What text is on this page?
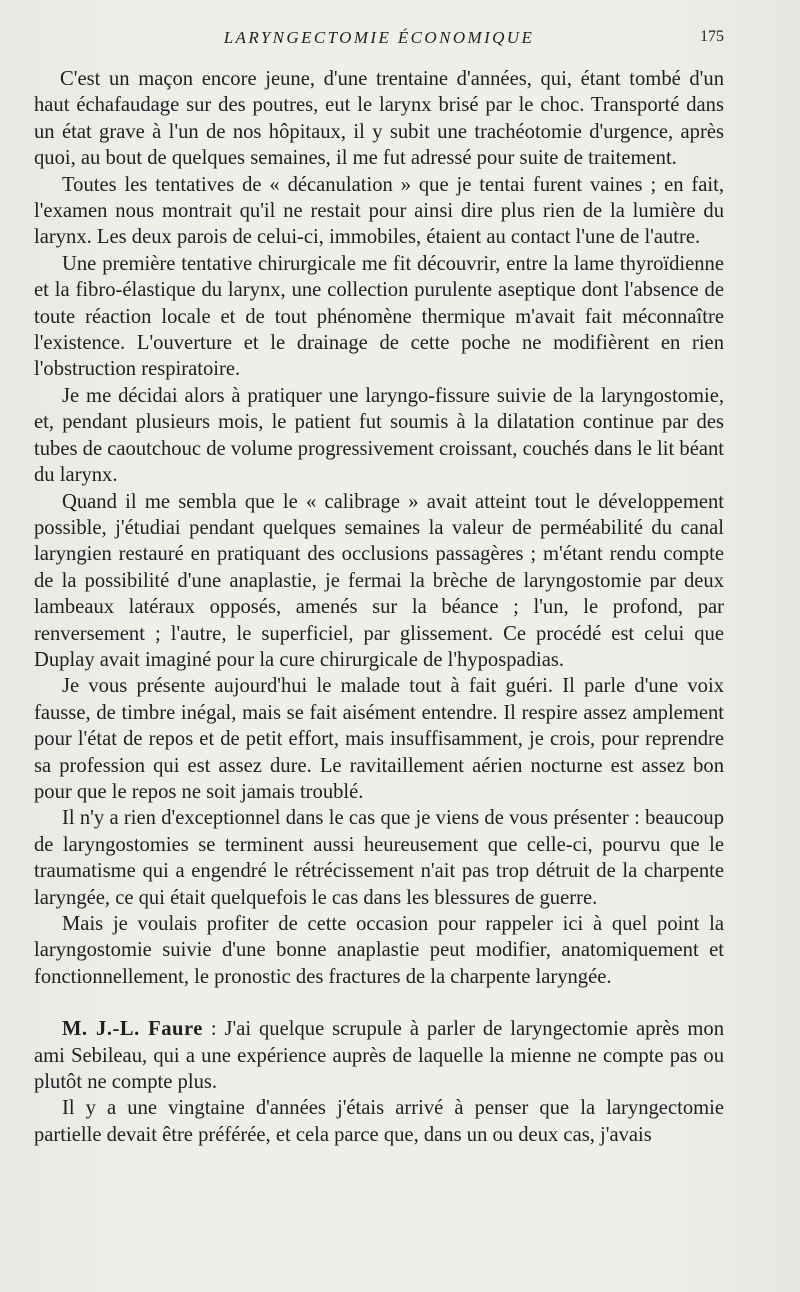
LARYNGECTOMIE ÉCONOMIQUE	175

C'est un maçon encore jeune, d'une trentaine d'années, qui, étant tombé d'un haut échafaudage sur des poutres, eut le larynx brisé par le choc. Transporté dans un état grave à l'un de nos hôpitaux, il y subit une trachéotomie d'urgence, après quoi, au bout de quelques semaines, il me fut adressé pour suite de traitement.

Toutes les tentatives de « décanulation » que je tentai furent vaines ; en fait, l'examen nous montrait qu'il ne restait pour ainsi dire plus rien de la lumière du larynx. Les deux parois de celui-ci, immobiles, étaient au contact l'une de l'autre.

Une première tentative chirurgicale me fit découvrir, entre la lame thyroïdienne et la fibro-élastique du larynx, une collection purulente aseptique dont l'absence de toute réaction locale et de tout phénomène thermique m'avait fait méconnaître l'existence. L'ouverture et le drainage de cette poche ne modifièrent en rien l'obstruction respiratoire.

Je me décidai alors à pratiquer une laryngo-fissure suivie de la laryngostomie, et, pendant plusieurs mois, le patient fut soumis à la dilatation continue par des tubes de caoutchouc de volume progressivement croissant, couchés dans le lit béant du larynx.

Quand il me sembla que le « calibrage » avait atteint tout le développement possible, j'étudiai pendant quelques semaines la valeur de perméabilité du canal laryngien restauré en pratiquant des occlusions passagères ; m'étant rendu compte de la possibilité d'une anaplastie, je fermai la brèche de laryngostomie par deux lambeaux latéraux opposés, amenés sur la béance ; l'un, le profond, par renversement ; l'autre, le superficiel, par glissement. Ce procédé est celui que Duplay avait imaginé pour la cure chirurgicale de l'hypospadias.

Je vous présente aujourd'hui le malade tout à fait guéri. Il parle d'une voix fausse, de timbre inégal, mais se fait aisément entendre. Il respire assez amplement pour l'état de repos et de petit effort, mais insuffisamment, je crois, pour reprendre sa profession qui est assez dure. Le ravitaillement aérien nocturne est assez bon pour que le repos ne soit jamais troublé.

Il n'y a rien d'exceptionnel dans le cas que je viens de vous présenter : beaucoup de laryngostomies se terminent aussi heureusement que celle-ci, pourvu que le traumatisme qui a engendré le rétrécissement n'ait pas trop détruit de la charpente laryngée, ce qui était quelquefois le cas dans les blessures de guerre.

Mais je voulais profiter de cette occasion pour rappeler ici à quel point la laryngostomie suivie d'une bonne anaplastie peut modifier, anatomiquement et fonctionnellement, le pronostic des fractures de la charpente laryngée.

M. J.-L. Faure : J'ai quelque scrupule à parler de laryngectomie après mon ami Sebileau, qui a une expérience auprès de laquelle la mienne ne compte pas ou plutôt ne compte plus.

Il y a une vingtaine d'années j'étais arrivé à penser que la laryngectomie partielle devait être préférée, et cela parce que, dans un ou deux cas, j'avais
